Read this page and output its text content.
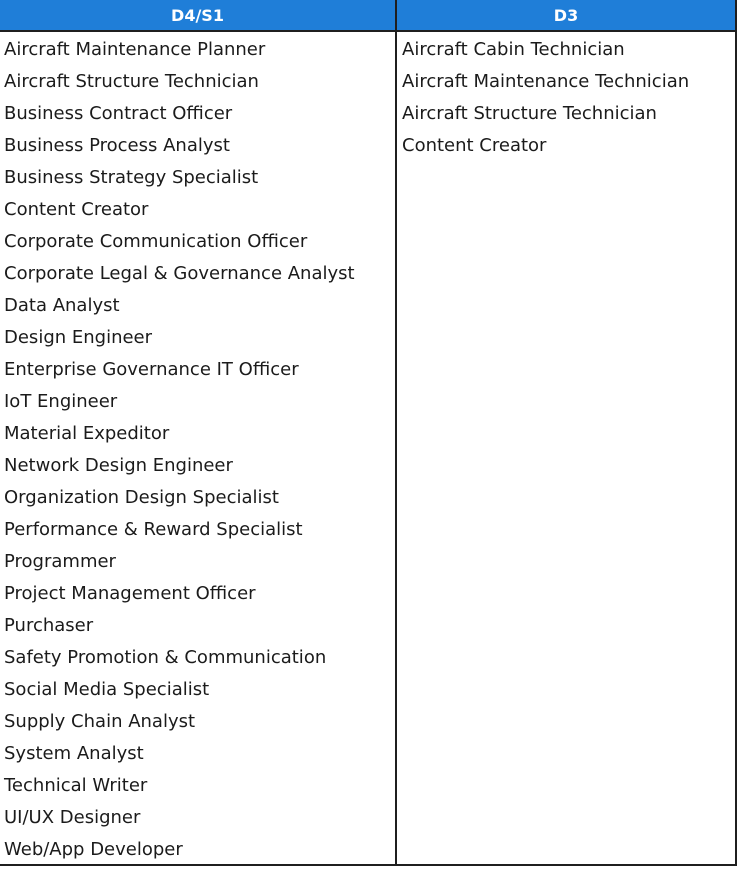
D4/S1	D3
Aircraft Maintenance Planner
Aircraft Structure Technician
Business Contract Officer
Business Process Analyst
Business Strategy Specialist
Content Creator
Corporate Communication Officer
Corporate Legal & Governance Analyst
Data Analyst
Design Engineer
Enterprise Governance IT Officer
IoT Engineer
Material Expeditor
Network Design Engineer
Organization Design Specialist
Performance & Reward Specialist
Programmer
Project Management Officer
Purchaser
Safety Promotion & Communication
Social Media Specialist
Supply Chain Analyst
System Analyst
Technical Writer
UI/UX Designer
Web/App Developer
Aircraft Cabin Technician
Aircraft Maintenance Technician
Aircraft Structure Technician
Content Creator
